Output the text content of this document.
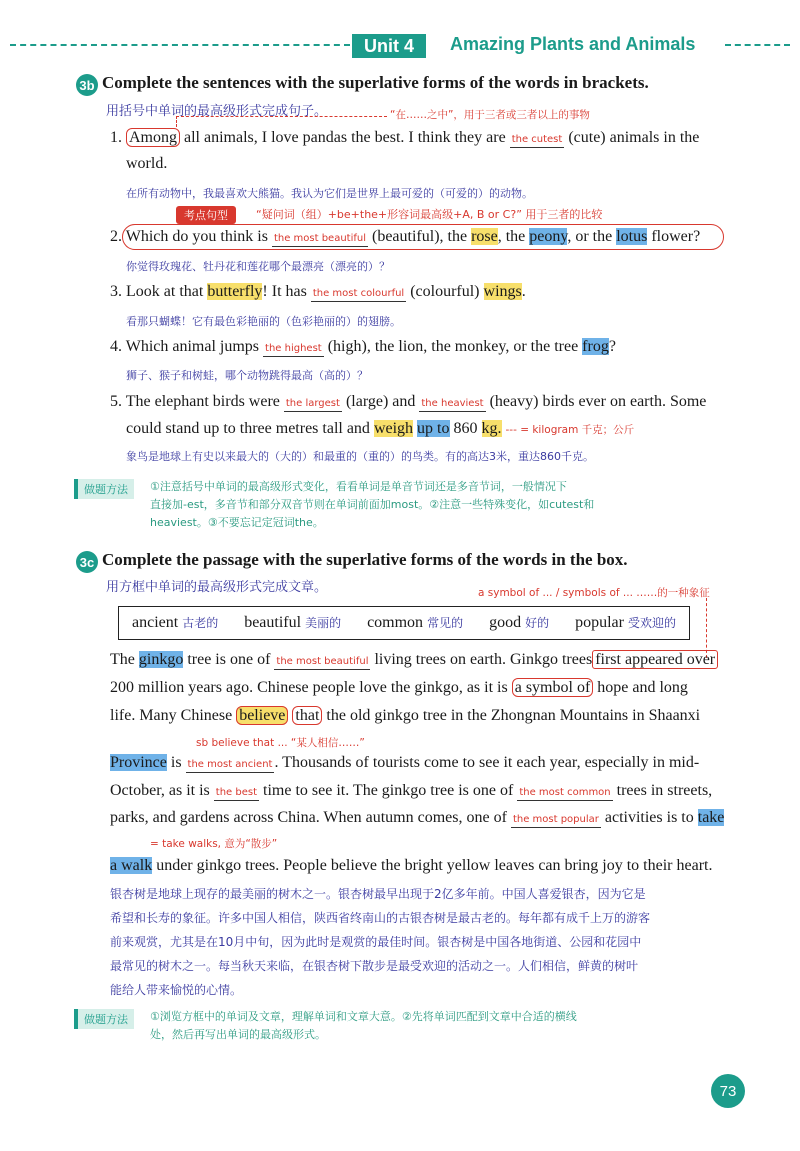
Unit 4	Amazing Plants and Animals
3b Complete the sentences with the superlative forms of the words in brackets.
用括号中单词的最高级形式完成句子。	“在……之中”，用于三者或三者以上的事物
1. Among all animals, I love pandas the best. I think they are the cutest (cute) animals in the
world.
在所有动物中，我最喜欢大熊猫。我认为它们是世界上最可爱的（可爱的）的动物。
考点句型	“疑问词（组）+be+the+形容词最高级+A, B or C?” 用于三者的比较
2. Which do you think is the most beautiful (beautiful), the rose, the peony, or the lotus flower?
你觉得玫瑰花、牡丹花和莲花哪个最漂亮（漂亮的）？
3. Look at that butterfly! It has the most colourful (colourful) wings.
看那只蝴蝶！它有最色彩艳丽的（色彩艳丽的）的翅膀。
4. Which animal jumps the highest (high), the lion, the monkey, or the tree frog?
狮子、猴子和树蛙，哪个动物跳得最高（高的）？
5. The elephant birds were the largest (large) and the heaviest (heavy) birds ever on earth. Some
could stand up to three metres tall and weigh up to 860 kg. --- = kilogram 千克；公斤
象鸟是地球上有史以来最大的（大的）和最重的（重的）的鸟类。有的高达3米，重达860千克。
做题方法	①注意括号中单词的最高级形式变化，看看单词是单音节词还是多音节词，一般情况下
直接加-est，多音节和部分双音节则在单词前面加most。②注意一些特殊变化，如cutest和
heaviest。③不要忘记定冠词the。
3c Complete the passage with the superlative forms of the words in the box.
用方框中单词的最高级形式完成文章。	a symbol of ... / symbols of ... ……的一种象征
ancient 古老的 beautiful 美丽的 common 常见的 good 好的 popular 受欢迎的
The ginkgo tree is one of the most beautiful living trees on earth. Ginkgo trees first appeared over
200 million years ago. Chinese people love the ginkgo, as it is a symbol of hope and long
life. Many Chinese believe that the old ginkgo tree in the Zhongnan Mountains in Shaanxi
sb believe that ... “某人相信……”
Province is the most ancient . Thousands of tourists come to see it each year, especially in mid-
October, as it is the best time to see it. The ginkgo tree is one of the most common trees in streets,
parks, and gardens across China. When autumn comes, one of the most popular activities is to take
= take walks, 意为“散步”
a walk under ginkgo trees. People believe the bright yellow leaves can bring joy to their heart.
银杏树是地球上现存的最美丽的树木之一。银杏树最早出现于2亿多年前。中国人喜爱银杏，因为它是
希望和长寿的象征。许多中国人相信，陕西省终南山的古银杏树是最古老的。每年都有成千上万的游客
前来观赏，尤其是在10月中旬，因为此时是观赏的最佳时间。银杏树是中国各地街道、公园和花园中
最常见的树木之一。每当秋天来临，在银杏树下散步是最受欢迎的活动之一。人们相信，鲜黄的树叶
能给人带来愉悦的心情。
做题方法	①浏览方框中的单词及文章，理解单词和文章大意。②先将单词匹配到文章中合适的横线
处，然后再写出单词的最高级形式。
73
